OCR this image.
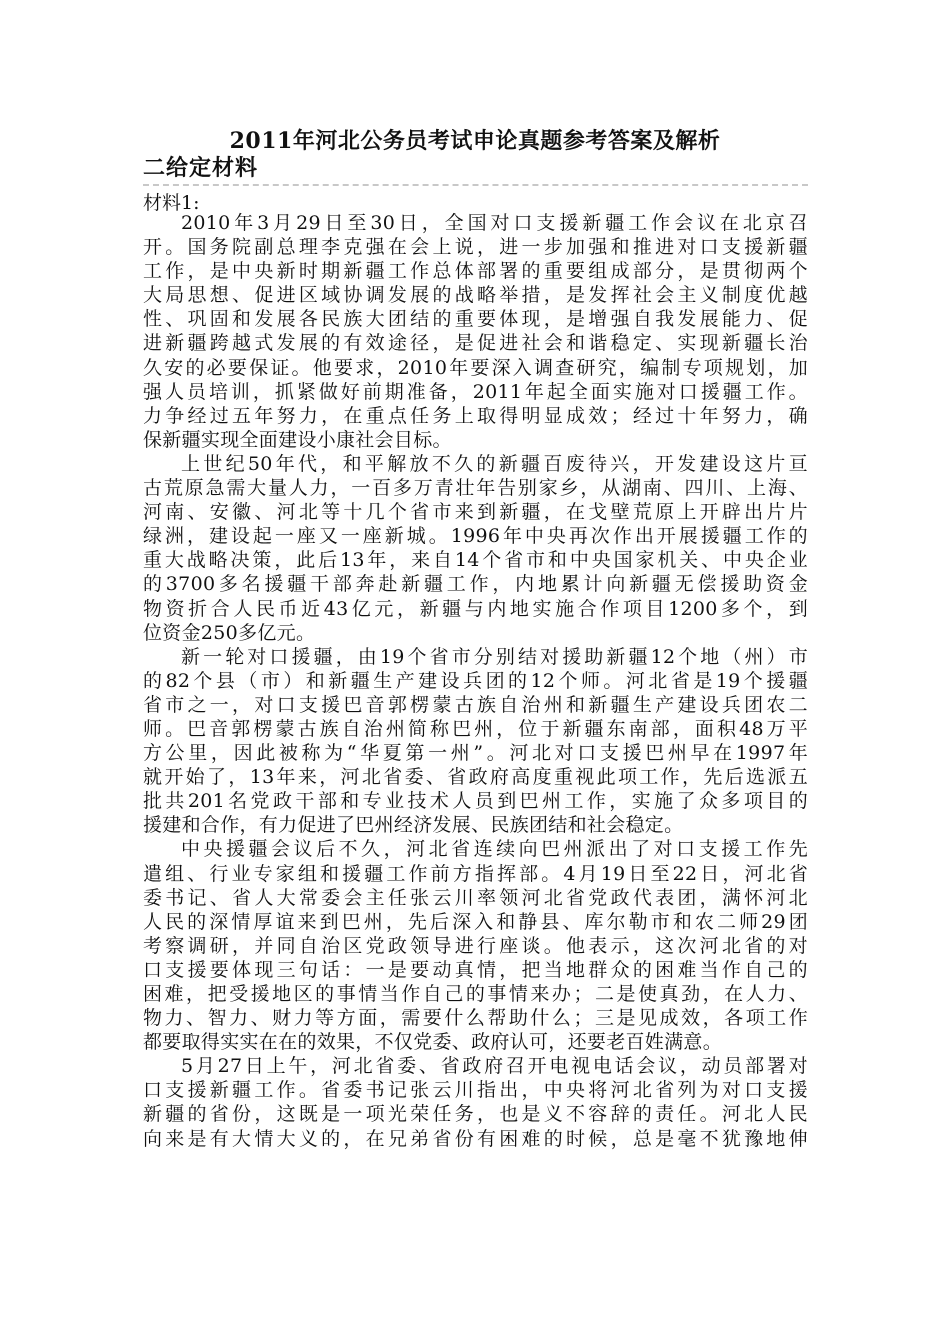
2011年河北公务员考试申论真题参考答案及解析
二给定材料
材料1:
2010年3月29日至30日，全国对口支援新疆工作会议在北京召
开。国务院副总理李克强在会上说，进一步加强和推进对口支援新疆
工作，是中央新时期新疆工作总体部署的重要组成部分，是贯彻两个
大局思想、促进区域协调发展的战略举措，是发挥社会主义制度优越
性、巩固和发展各民族大团结的重要体现，是增强自我发展能力、促
进新疆跨越式发展的有效途径，是促进社会和谐稳定、实现新疆长治
久安的必要保证。他要求，2010年要深入调查研究，编制专项规划，加
强人员培训，抓紧做好前期准备，2011年起全面实施对口援疆工作。
力争经过五年努力，在重点任务上取得明显成效；经过十年努力，确
保新疆实现全面建设小康社会目标。
上世纪50年代，和平解放不久的新疆百废待兴，开发建设这片亘
古荒原急需大量人力，一百多万青壮年告别家乡，从湖南、四川、上海、
河南、安徽、河北等十几个省市来到新疆，在戈壁荒原上开辟出片片
绿洲，建设起一座又一座新城。1996年中央再次作出开展援疆工作的
重大战略决策，此后13年，来自14个省市和中央国家机关、中央企业
的3700多名援疆干部奔赴新疆工作，内地累计向新疆无偿援助资金
物资折合人民币近43亿元，新疆与内地实施合作项目1200多个，到
位资金250多亿元。
新一轮对口援疆，由19个省市分别结对援助新疆12个地（州）市
的82个县（市）和新疆生产建设兵团的12个师。河北省是19个援疆
省市之一，对口支援巴音郭楞蒙古族自治州和新疆生产建设兵团农二
师。巴音郭楞蒙古族自治州简称巴州，位于新疆东南部，面积48万平
方公里，因此被称为“华夏第一州”。河北对口支援巴州早在1997年
就开始了，13年来，河北省委、省政府高度重视此项工作，先后选派五
批共201名党政干部和专业技术人员到巴州工作，实施了众多项目的
援建和合作，有力促进了巴州经济发展、民族团结和社会稳定。
中央援疆会议后不久，河北省连续向巴州派出了对口支援工作先
遣组、行业专家组和援疆工作前方指挥部。4月19日至22日，河北省
委书记、省人大常委会主任张云川率领河北省党政代表团，满怀河北
人民的深情厚谊来到巴州，先后深入和静县、库尔勒市和农二师29团
考察调研，并同自治区党政领导进行座谈。他表示，这次河北省的对
口支援要体现三句话：一是要动真情，把当地群众的困难当作自己的
困难，把受援地区的事情当作自己的事情来办；二是使真劲，在人力、
物力、智力、财力等方面，需要什么帮助什么；三是见成效，各项工作
都要取得实实在在的效果，不仅党委、政府认可，还要老百姓满意。
5月27日上午，河北省委、省政府召开电视电话会议，动员部署对
口支援新疆工作。省委书记张云川指出，中央将河北省列为对口支援
新疆的省份，这既是一项光荣任务，也是义不容辞的责任。河北人民
向来是有大情大义的，在兄弟省份有困难的时候，总是毫不犹豫地伸
